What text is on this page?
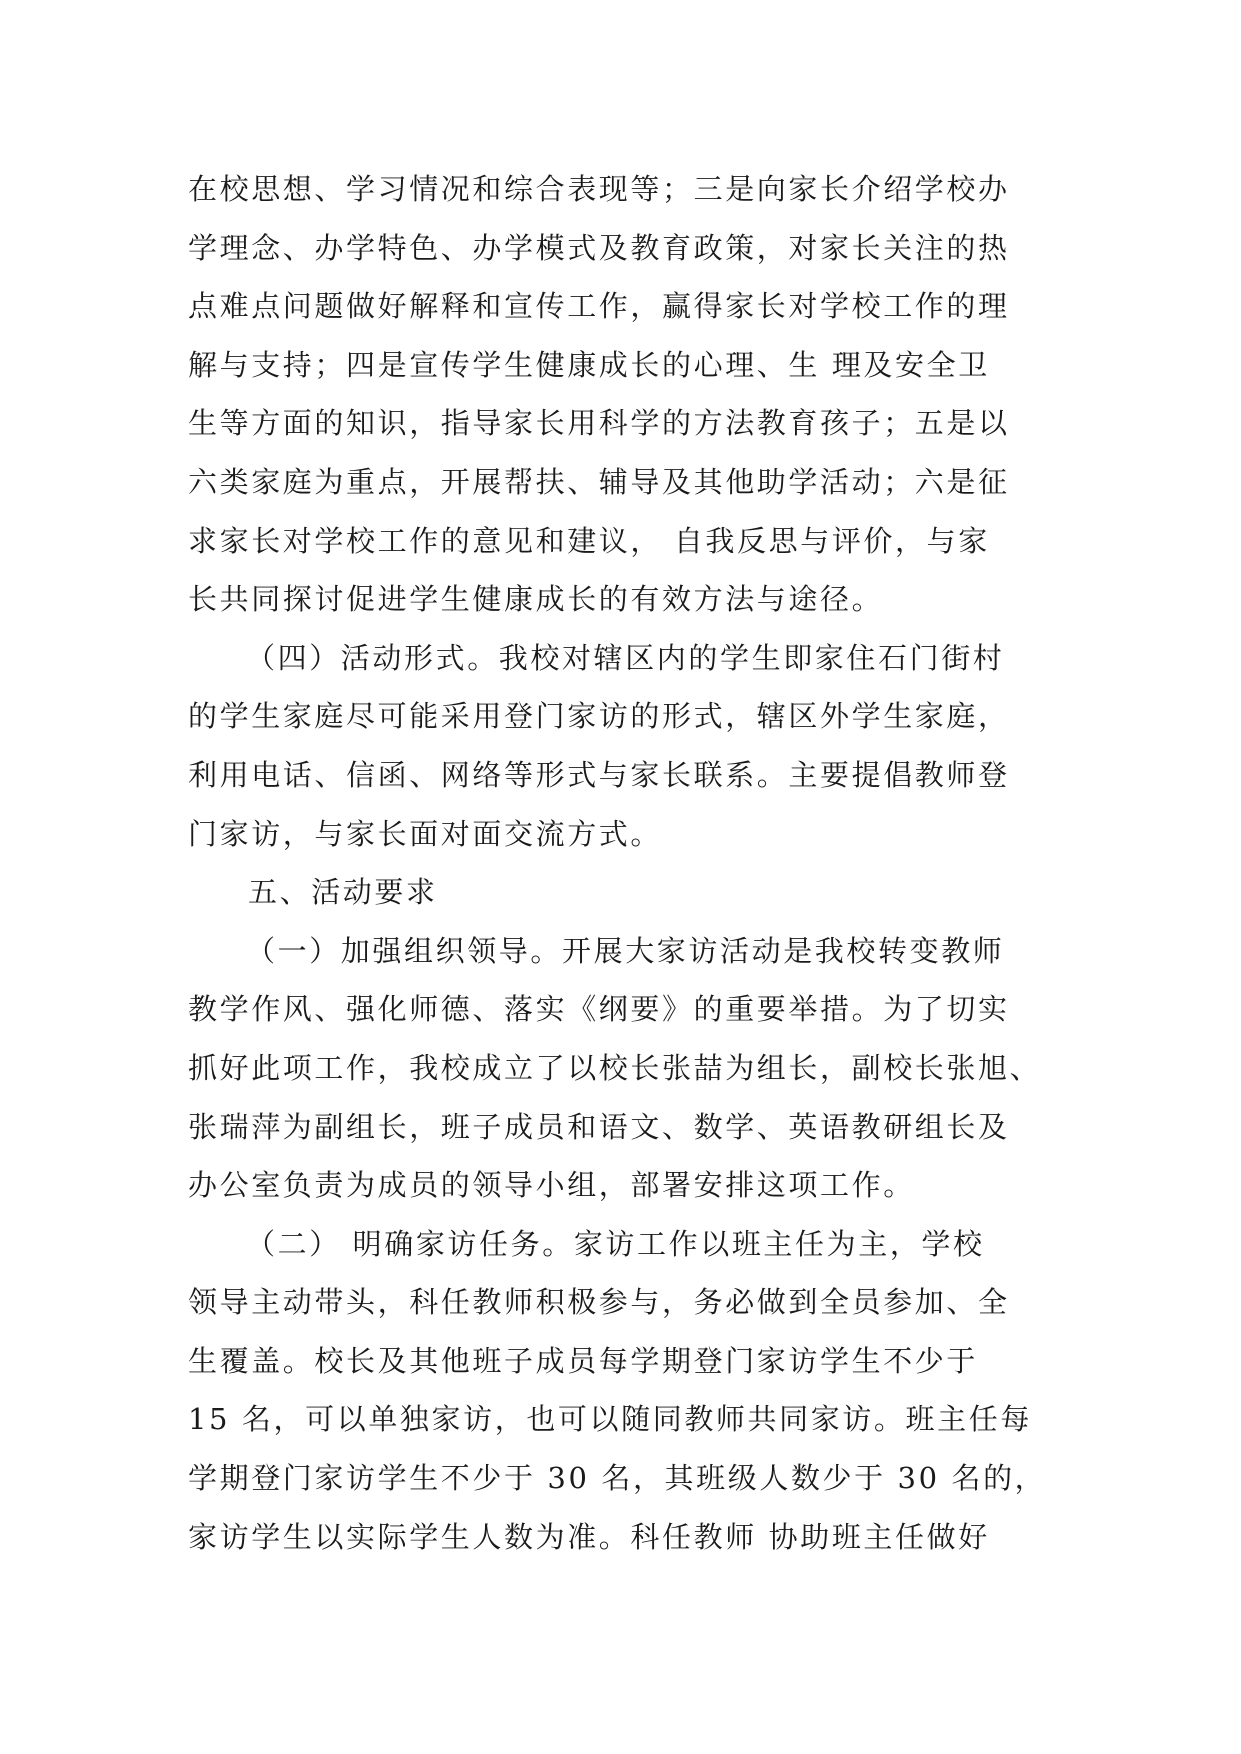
在校思想、学习情况和综合表现等；三是向家长介绍学校办
学理念、办学特色、办学模式及教育政策，对家长关注的热
点难点问题做好解释和宣传工作，赢得家长对学校工作的理
解与支持；四是宣传学生健康成长的心理、生 理及安全卫
生等方面的知识，指导家长用科学的方法教育孩子；五是以
六类家庭为重点，开展帮扶、辅导及其他助学活动；六是征
求家长对学校工作的意见和建议， 自我反思与评价，与家
长共同探讨促进学生健康成长的有效方法与途径。
（四）活动形式。我校对辖区内的学生即家住石门街村
的学生家庭尽可能采用登门家访的形式，辖区外学生家庭，
利用电话、信函、网络等形式与家长联系。主要提倡教师登
门家访，与家长面对面交流方式。
五、活动要求
（一）加强组织领导。开展大家访活动是我校转变教师
教学作风、强化师德、落实《纲要》的重要举措。为了切实
抓好此项工作，我校成立了以校长张喆为组长，副校长张旭、
张瑞萍为副组长，班子成员和语文、数学、英语教研组长及
办公室负责为成员的领导小组，部署安排这项工作。
（二） 明确家访任务。家访工作以班主任为主，学校
领导主动带头，科任教师积极参与，务必做到全员参加、全
生覆盖。校长及其他班子成员每学期登门家访学生不少于
15 名，可以单独家访，也可以随同教师共同家访。班主任每
学期登门家访学生不少于 30 名，其班级人数少于 30 名的，
家访学生以实际学生人数为准。科任教师 协助班主任做好
